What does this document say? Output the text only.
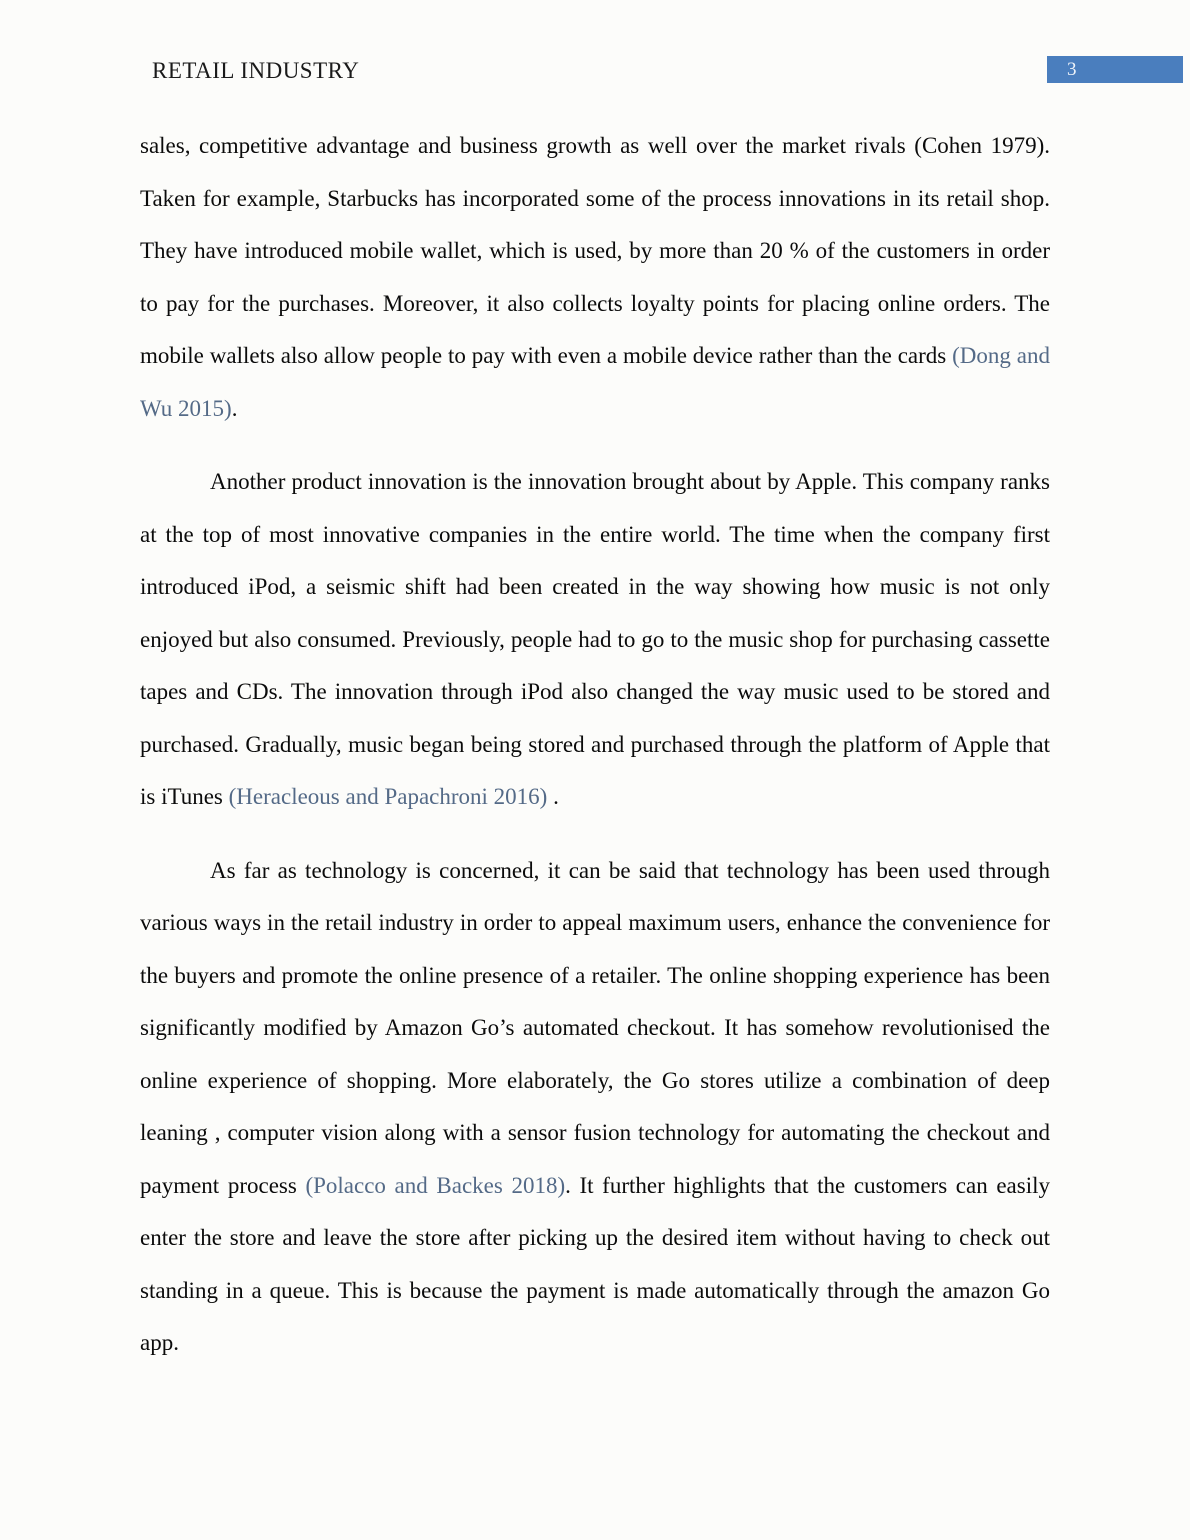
RETAIL INDUSTRY	3

sales, competitive advantage and business growth as well over the market rivals (Cohen 1979). Taken for example, Starbucks has incorporated some of the process innovations in its retail shop. They have introduced mobile wallet, which is used, by more than 20 % of the customers in order to pay for the purchases. Moreover, it also collects loyalty points for placing online orders. The mobile wallets also allow people to pay with even a mobile device rather than the cards (Dong and Wu 2015).

Another product innovation is the innovation brought about by Apple. This company ranks at the top of most innovative companies in the entire world. The time when the company first introduced iPod, a seismic shift had been created in the way showing how music is not only enjoyed but also consumed. Previously, people had to go to the music shop for purchasing cassette tapes and CDs. The innovation through iPod also changed the way music used to be stored and purchased. Gradually, music began being stored and purchased through the platform of Apple that is iTunes (Heracleous and Papachroni 2016) .

As far as technology is concerned, it can be said that technology has been used through various ways in the retail industry in order to appeal maximum users, enhance the convenience for the buyers and promote the online presence of a retailer. The online shopping experience has been significantly modified by Amazon Go’s automated checkout. It has somehow revolutionised the online experience of shopping. More elaborately, the Go stores utilize a combination of deep leaning , computer vision along with a sensor fusion technology for automating the checkout and payment process (Polacco and Backes 2018). It further highlights that the customers can easily enter the store and leave the store after picking up the desired item without having to check out standing in a queue. This is because the payment is made automatically through the amazon Go app.
